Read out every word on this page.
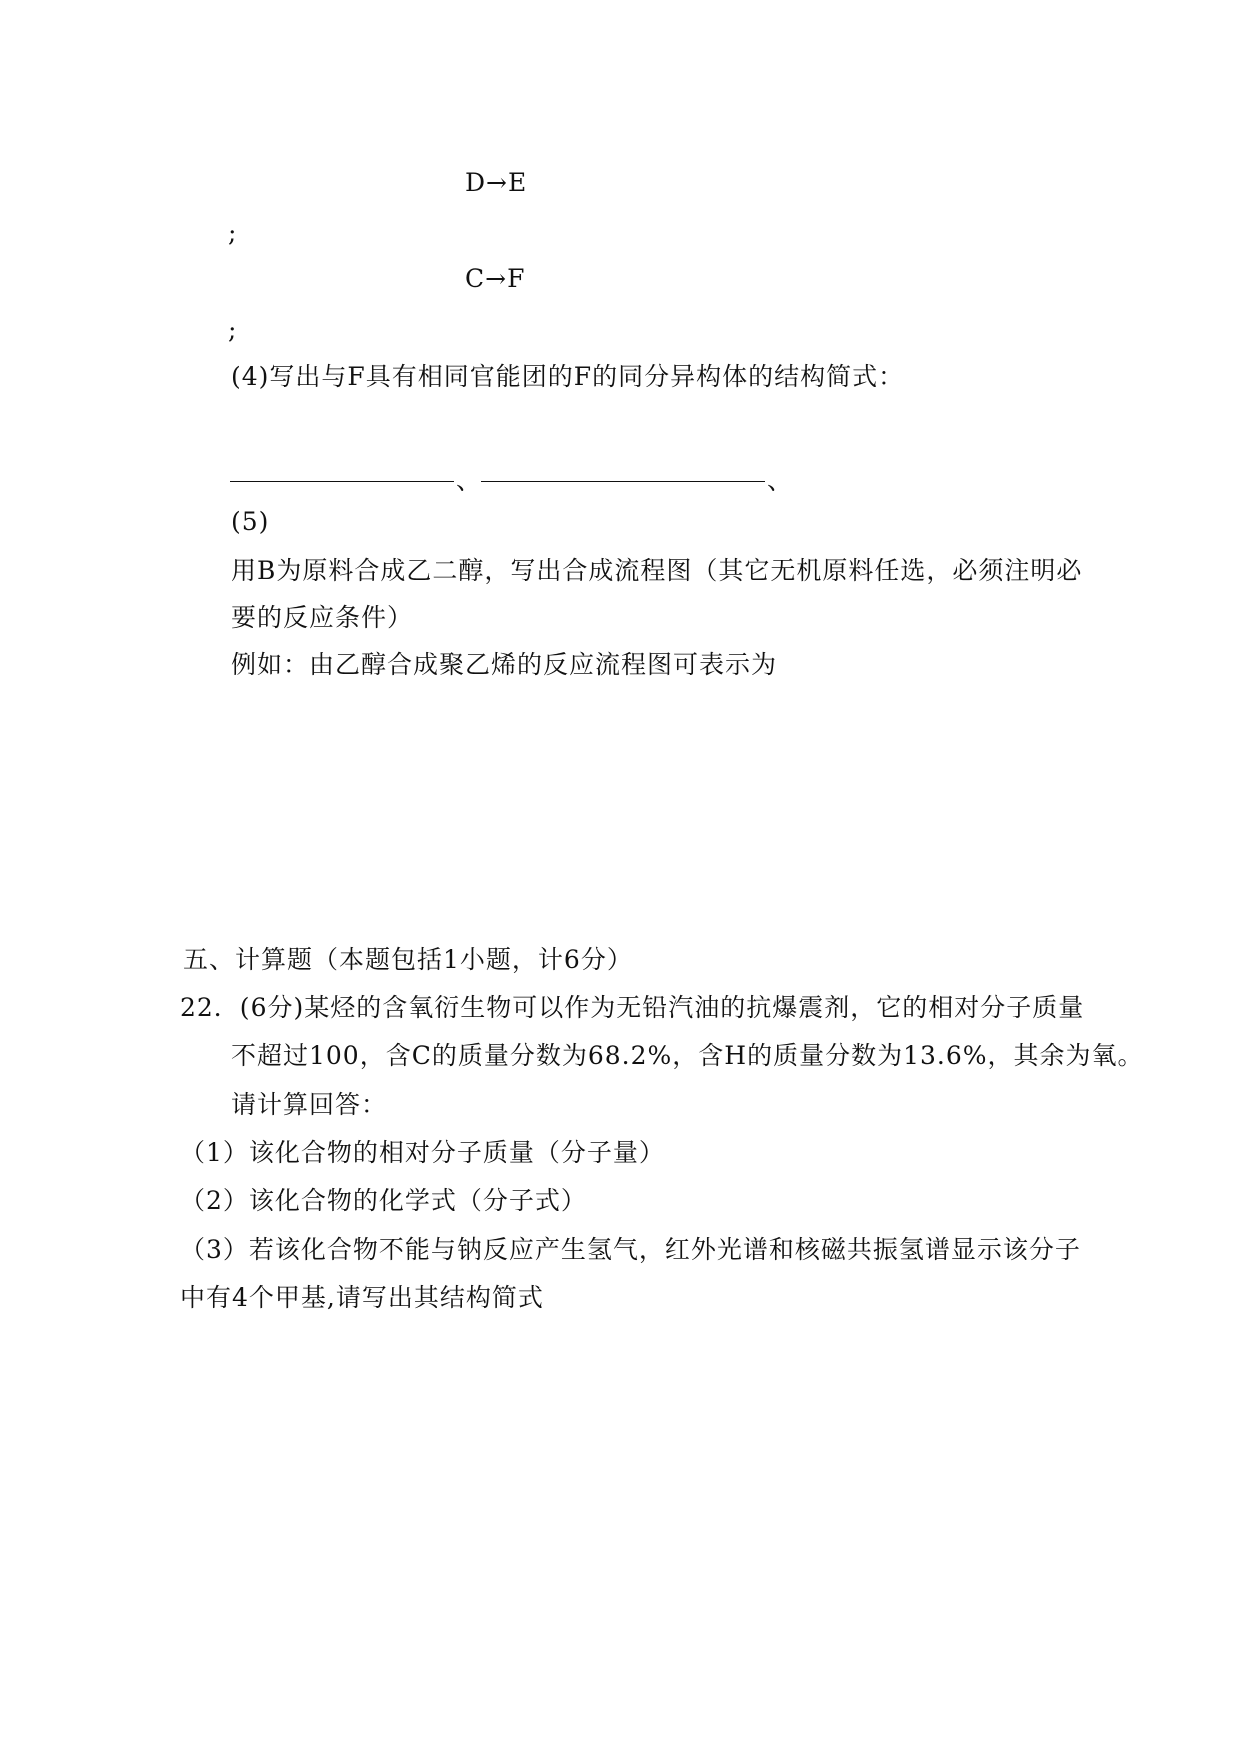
D→E
;
C→F
;
(4)写出与F具有相同官能团的F的同分异构体的结构简式：
、	、
(5)
用B为原料合成乙二醇，写出合成流程图（其它无机原料任选，必须注明必
要的反应条件）
例如：由乙醇合成聚乙烯的反应流程图可表示为
五、计算题（本题包括1小题，计6分）
22．(6分)某烃的含氧衍生物可以作为无铅汽油的抗爆震剂，它的相对分子质量
不超过100，含C的质量分数为68.2%，含H的质量分数为13.6%，其余为氧。
请计算回答：
（1）该化合物的相对分子质量（分子量）
（2）该化合物的化学式（分子式）
（3）若该化合物不能与钠反应产生氢气，红外光谱和核磁共振氢谱显示该分子
中有4个甲基,请写出其结构简式
